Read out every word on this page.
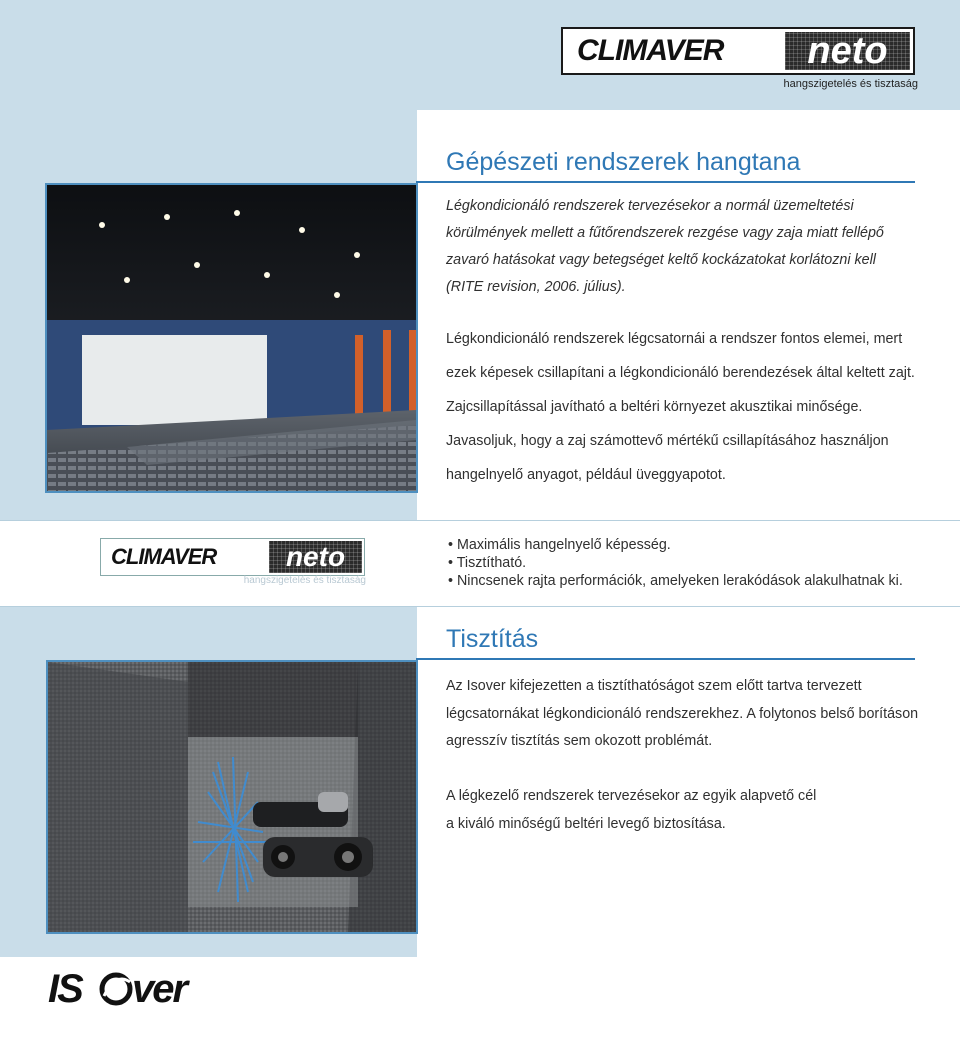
CLIMAVER	neto
hangszigetelés és tisztaság
Gépészeti rendszerek hangtana
Légkondicionáló rendszerek tervezésekor a normál üzemeltetési
körülmények mellett a fűtőrendszerek rezgése vagy zaja miatt fellépő
zavaró hatásokat vagy betegséget keltő kockázatokat korlátozni kell
(RITE revision, 2006. július).
Légkondicionáló rendszerek légcsatornái a rendszer fontos elemei, mert
ezek képesek csillapítani a légkondicionáló berendezések által keltett zajt.
Zajcsillapítással javítható a beltéri környezet akusztikai minősége.
Javasoljuk, hogy a zaj számottevő mértékű csillapításához használjon
hangelnyelő anyagot, például üveggyapotot.
CLIMAVER	neto
hangszigetelés és tisztaság
• Maximális hangelnyelő képesség.
• Tisztítható.
• Nincsenek rajta performációk, amelyeken lerakódások alakulhatnak ki.
Tisztítás
Az Isover kifejezetten a tisztíthatóságot szem előtt tartva tervezett
légcsatornákat légkondicionáló rendszerekhez. A folytonos belső borításon
agresszív tisztítás sem okozott problémát.
A légkezelő rendszerek tervezésekor az egyik alapvető cél
a kiváló minőségű beltéri levegő biztosítása.
IS ver
